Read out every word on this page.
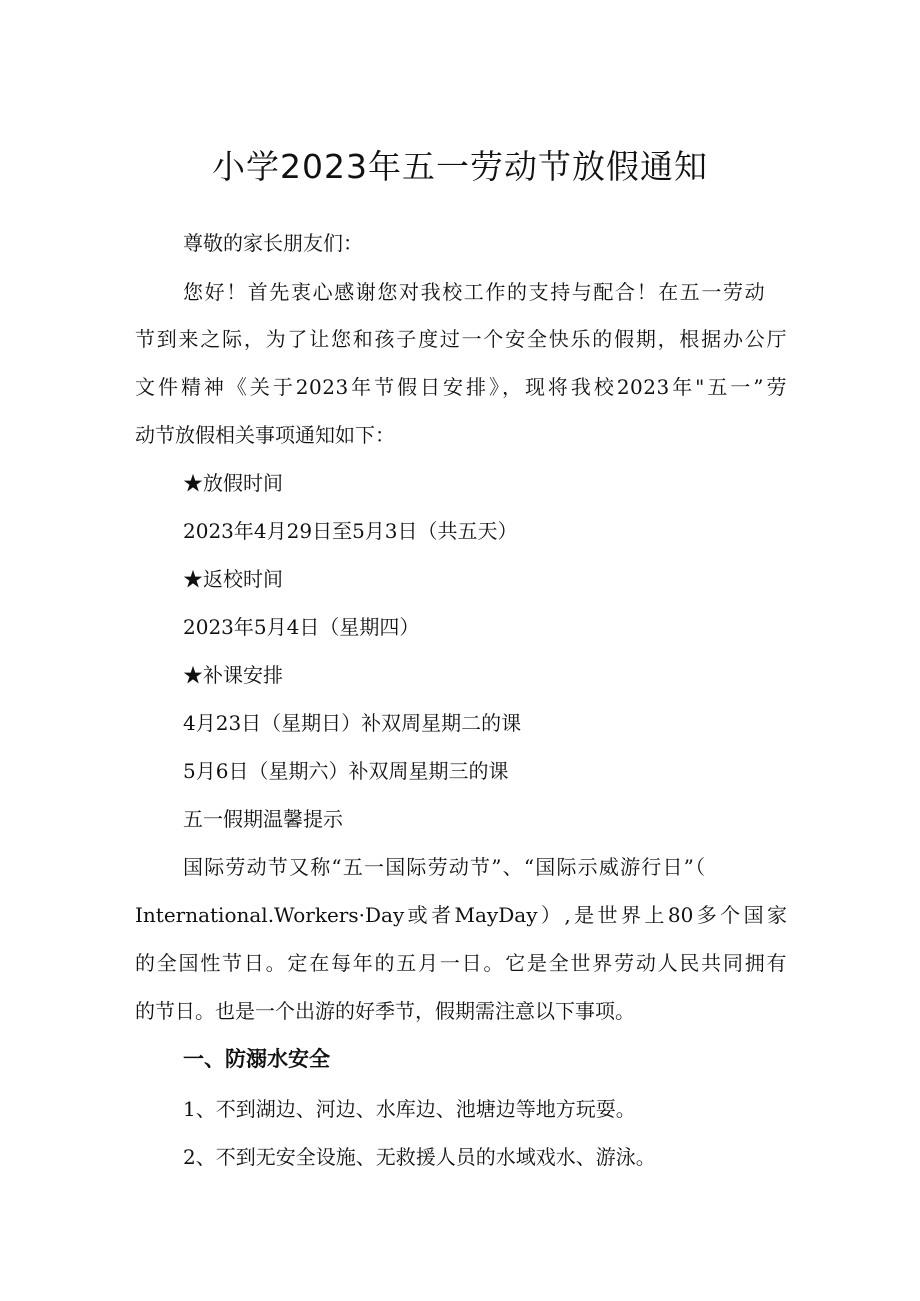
小学2023年五一劳动节放假通知

尊敬的家长朋友们：

您好！首先衷心感谢您对我校工作的支持与配合！在五一劳动

节到来之际，为了让您和孩子度过一个安全快乐的假期，根据办公厅

文件精神《关于2023年节假日安排》，现将我校2023年"五一”劳

动节放假相关事项通知如下：

★放假时间

2023年4月29日至5月3日（共五天）

★返校时间

2023年5月4日（星期四）

★补课安排

4月23日（星期日）补双周星期二的课

5月6日（星期六）补双周星期三的课

五一假期温馨提示

国际劳动节又称“五一国际劳动节”、“国际示威游行日”（

International.Workers·Day或者MayDay）,是世界上80多个国家

的全国性节日。定在每年的五月一日。它是全世界劳动人民共同拥有

的节日。也是一个出游的好季节，假期需注意以下事项。

一、防溺水安全

1、不到湖边、河边、水库边、池塘边等地方玩耍。

2、不到无安全设施、无救援人员的水域戏水、游泳。
